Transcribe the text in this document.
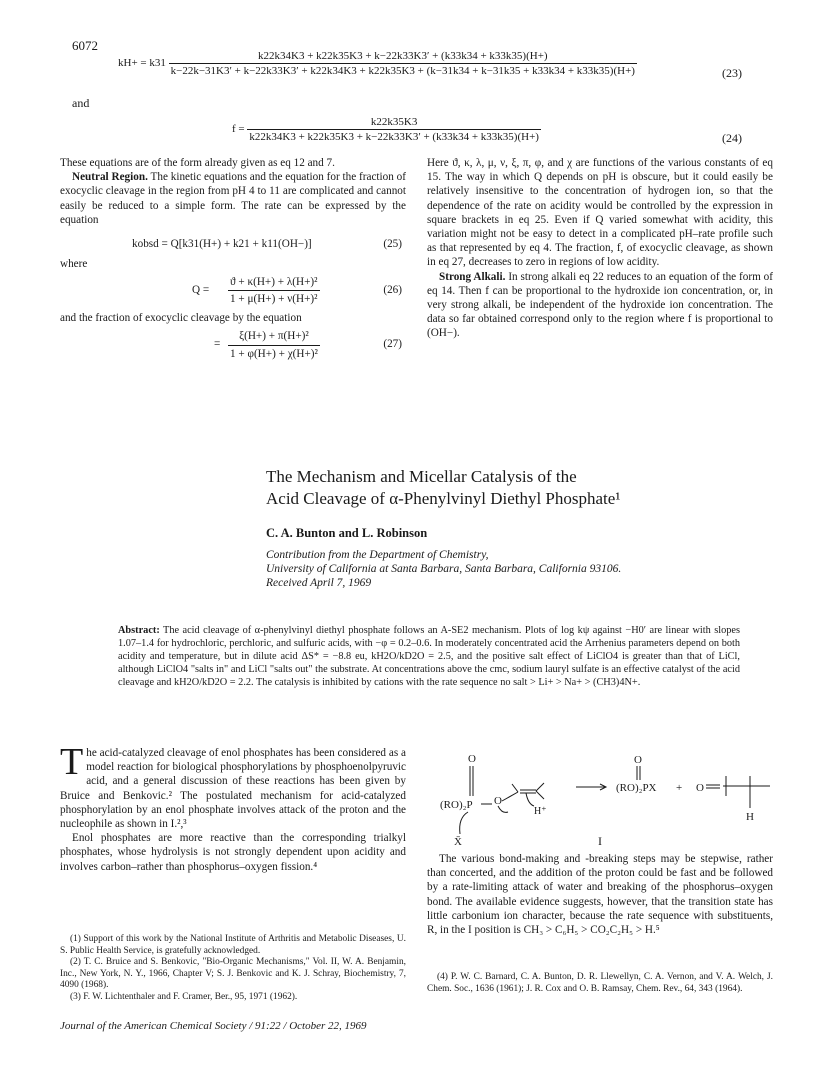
6072
kH+ = k31
k22k34K3 + k22k35K3 + k−22k33K3′ + (k33k34 + k33k35)(H+)
k−22k−31K3′ + k−22k33K3′ + k22k34K3 + k22k35K3 + (k−31k34 + k−31k35 + k33k34 + k33k35)(H+)	(23)
and
$f = \frac{k22k35K3}{k22k34K3 + k22k35K3 + k-22k33K3' + (k33k34 + k33k35)(H+)}$	(24)

These equations are of the form already given as eq 12 and 7.

Neutral Region. The kinetic equations and the equation for the fraction of exocyclic cleavage in the region from pH 4 to 11 are complicated and cannot easily be reduced to a simple form. The rate can be expressed by the equation

kobsd = Q[k31(H+) + k21 + k11(OH−)]	(25)

where

$Q = \frac{\text{ϑ + κ(H+) + λ(H+)²}}{\text{1 + μ(H+) + ν(H+)²}}$	(26)

and the fraction of exocyclic cleavage by the equation

= $\frac{\text{ξ(H+) + π(H+)²}}{\text{1 + φ(H+) + χ(H+)²}}$	(27)

Here ϑ, κ, λ, μ, ν, ξ, π, φ, and χ are functions of the various constants of eq 15. The way in which Q depends on pH is obscure, but it could easily be relatively insensitive to the concentration of hydrogen ion, so that the dependence of the rate on acidity would be controlled by the expression in square brackets in eq 25. Even if Q varied somewhat with acidity, this variation might not be easy to detect in a complicated pH–rate profile such as that represented by eq 4. The fraction, f, of exocyclic cleavage, as shown in eq 27, decreases to zero in regions of low acidity.

Strong Alkali. In strong alkali eq 22 reduces to an equation of the form of eq 14. Then f can be proportional to the hydroxide ion concentration, or, in very strong alkali, be independent of the hydroxide ion concentration. The data so far obtained correspond only to the region where f is proportional to (OH−).

The Mechanism and Micellar Catalysis of the
Acid Cleavage of α-Phenylvinyl Diethyl Phosphate¹
C. A. Bunton and L. Robinson
Contribution from the Department of Chemistry,
University of California at Santa Barbara, Santa Barbara, California 93106.
Received April 7, 1969
Abstract: The acid cleavage of α-phenylvinyl diethyl phosphate follows an A-SE2 mechanism. Plots of log kψ against −H0′ are linear with slopes 1.07–1.4 for hydrochloric, perchloric, and sulfuric acids, with −φ = 0.2–0.6. In moderately concentrated acid the Arrhenius parameters depend on both acidity and temperature, but in dilute acid ΔS* = −8.8 eu, kH2O/kD2O = 2.5, and the positive salt effect of LiClO4 is greater than that of LiCl, although LiClO4 "salts in" and LiCl "salts out" the substrate. At concentrations above the cmc, sodium lauryl sulfate is an effective catalyst of the acid cleavage and kH2O/kD2O = 2.2. The catalysis is inhibited by cations with the rate sequence no salt > Li+ > Na+ > (CH3)4N+.

The acid-catalyzed cleavage of enol phosphates has been considered as a model reaction for biological phosphorylations by phosphoenolpyruvic acid, and a general discussion of these reactions has been given by Bruice and Benkovic.² The postulated mechanism for acid-catalyzed phosphorylation by an enol phosphate involves attack of the proton and the nucleophile as shown in I.²,³

Enol phosphates are more reactive than the corresponding trialkyl phosphates, whose hydrolysis is not strongly dependent upon acidity and involves carbon–rather than phosphorus–oxygen fission.⁴

(1) Support of this work by the National Institute of Arthritis and Metabolic Diseases, U. S. Public Health Service, is gratefully acknowledged.
(2) T. C. Bruice and S. Benkovic, "Bio-Organic Mechanisms," Vol. II, W. A. Benjamin, Inc., New York, N. Y., 1966, Chapter V; S. J. Benkovic and K. J. Schray, Biochemistry, 7, 4090 (1968).
(3) F. W. Lichtenthaler and F. Cramer, Ber., 95, 1971 (1962).
O
(RO)₂P O
X̄
H⁺
(RO)₂PX
O
+ O
H
I

The various bond-making and -breaking steps may be stepwise, rather than concerted, and the addition of the proton could be fast and be followed by a rate-limiting attack of water and breaking of the phosphorus–oxygen bond. The available evidence suggests, however, that the transition state has little carbonium ion character, because the rate sequence with substituents, R, in the I position is CH₃ > C₆H₅ > CO₂C₂H₅ > H.⁵

(4) P. W. C. Barnard, C. A. Bunton, D. R. Llewellyn, C. A. Vernon, and V. A. Welch, J. Chem. Soc., 1636 (1961); J. R. Cox and O. B. Ramsay, Chem. Rev., 64, 343 (1964).
Journal of the American Chemical Society / 91:22 / October 22, 1969
